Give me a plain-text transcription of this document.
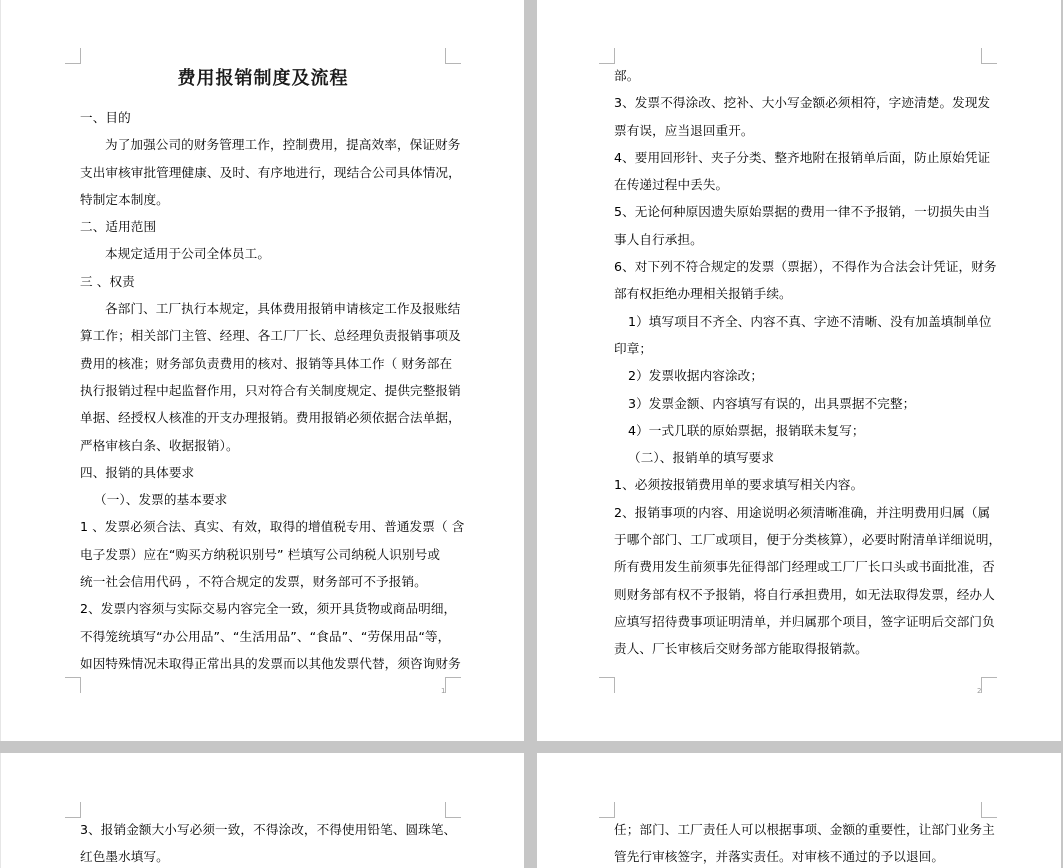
费用报销制度及流程

一、目的

为了加强公司的财务管理工作，控制费用，提高效率，保证财务

支出审核审批管理健康、及时、有序地进行，现结合公司具体情况，

特制定本制度。

二、适用范围

本规定适用于公司全体员工。

三 、权责

各部门、工厂执行本规定，具体费用报销申请核定工作及报账结

算工作；相关部门主管、经理、各工厂厂长、总经理负责报销事项及

费用的核准；财务部负责费用的核对、报销等具体工作（ 财务部在

执行报销过程中起监督作用，只对符合有关制度规定、提供完整报销

单据、经授权人核准的开支办理报销。费用报销必须依据合法单据，

严格审核白条、收据报销）。

四、报销的具体要求

（一）、发票的基本要求

1 、发票必须合法、真实、有效，取得的增值税专用、普通发票（ 含

电子发票）应在“购买方纳税识别号” 栏填写公司纳税人识别号或

统一社会信用代码 ，不符合规定的发票，财务部可不予报销。

2、发票内容须与实际交易内容完全一致，须开具货物或商品明细，

不得笼统填写“办公用品”、“生活用品”、“食品”、“劳保用品“等，

如因特殊情况未取得正常出具的发票而以其他发票代替，须咨询财务

1

部。

3、发票不得涂改、挖补、大小写金额必须相符，字迹清楚。发现发

票有误，应当退回重开。

4、要用回形针、夹子分类、整齐地附在报销单后面，防止原始凭证

在传递过程中丢失。

5、无论何种原因遗失原始票据的费用一律不予报销，一切损失由当

事人自行承担。

6、对下列不符合规定的发票（票据），不得作为合法会计凭证，财务

部有权拒绝办理相关报销手续。

1）填写项目不齐全、内容不真、字迹不清晰、没有加盖填制单位

印章；

2）发票收据内容涂改；

3）发票金额、内容填写有误的，出具票据不完整；

4）一式几联的原始票据，报销联未复写；

（二）、报销单的填写要求

1、必须按报销费用单的要求填写相关内容。

2、报销事项的内容、用途说明必须清晰准确，并注明费用归属（属

于哪个部门、工厂或项目，便于分类核算），必要时附清单详细说明，

所有费用发生前须事先征得部门经理或工厂厂长口头或书面批准，否

则财务部有权不予报销，将自行承担费用，如无法取得发票，经办人

应填写招待费事项证明清单，并归属那个项目，签字证明后交部门负

责人、厂长审核后交财务部方能取得报销款。

2

3、报销金额大小写必须一致，不得涂改，不得使用铅笔、圆珠笔、

红色墨水填写。

任；部门、工厂责任人可以根据事项、金额的重要性，让部门业务主

管先行审核签字，并落实责任。对审核不通过的予以退回。
